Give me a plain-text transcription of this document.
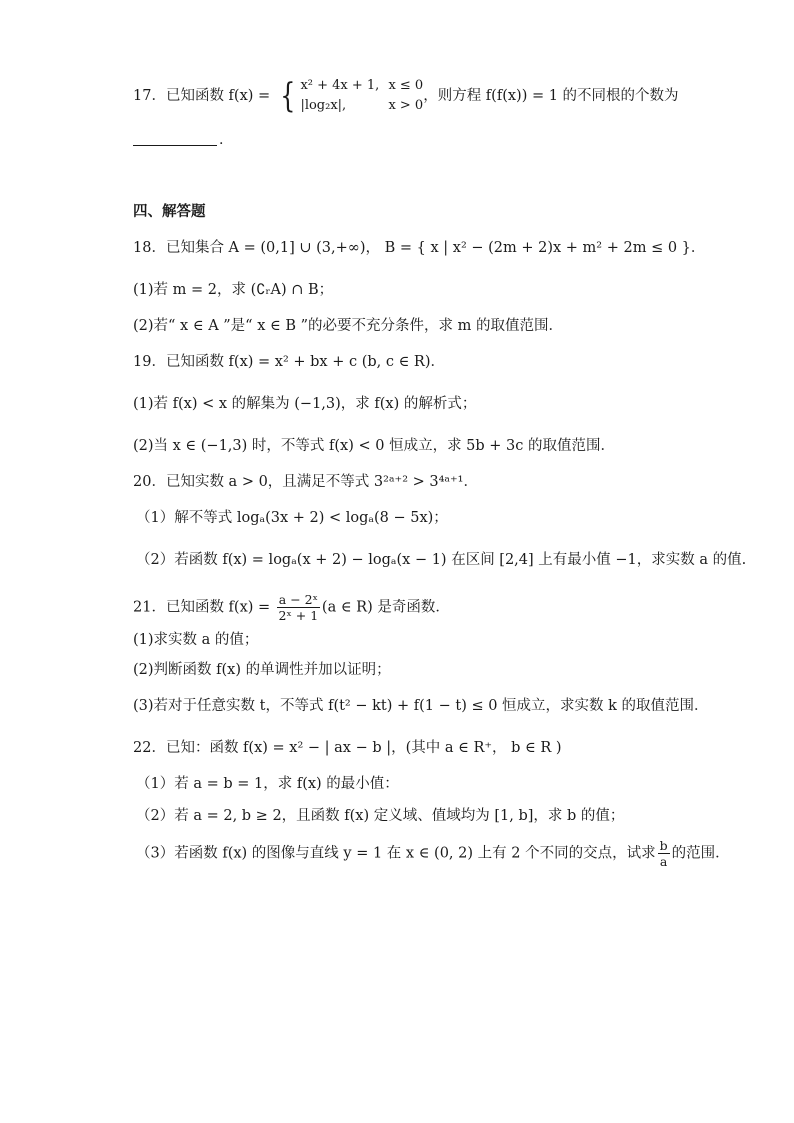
17．已知函数 f(x) = { x² + 4x + 1, x ≤ 0
|log₂x|,	x > 0
，则方程 f(f(x)) = 1 的不同根的个数为
.
四、解答题
18．已知集合 A = (0,1] ∪ (3,+∞)， B = { x | x² − (2m + 2)x + m² + 2m ≤ 0 }．
(1)若 m = 2，求 (∁ᵣA) ∩ B；
(2)若“ x ∈ A ”是“ x ∈ B ”的必要不充分条件，求 m 的取值范围．
19．已知函数 f(x) = x² + bx + c (b, c ∈ R)．
(1)若 f(x) < x 的解集为 (−1,3)，求 f(x) 的解析式；
(2)当 x ∈ (−1,3) 时，不等式 f(x) < 0 恒成立，求 5b + 3c 的取值范围．
20．已知实数 a > 0，且满足不等式 3²ᵃ⁺² > 3⁴ᵃ⁺¹．
（1）解不等式 logₐ(3x + 2) < logₐ(8 − 5x)；
（2）若函数 f(x) = logₐ(x + 2) − logₐ(x − 1) 在区间 [2,4] 上有最小值 −1，求实数 a 的值.
21．已知函数 $f(x) = \frac{\text{a − 2ˣ}}{\text{2ˣ + 1}} (a$ ∈ R) 是奇函数．
(1)求实数 a 的值；
(2)判断函数 f(x) 的单调性并加以证明；
(3)若对于任意实数 t，不等式 f(t² − kt) + f(1 − t) ≤ 0 恒成立，求实数 k 的取值范围．
22．已知：函数 f(x) = x² − | ax − b |，(其中 a ∈ R⁺， b ∈ R )
（1）若 a = b = 1，求 f(x) 的最小值：
（2）若 a = 2, b ≥ 2，且函数 f(x) 定义域、值域均为 [1, b]，求 b 的值；
（3）若函数 f(x) 的图像与直线 y = 1 在 x ∈ (0, 2) 上有 2 个不同的交点，试求 $\frac{b}{a}$ 的范围．
